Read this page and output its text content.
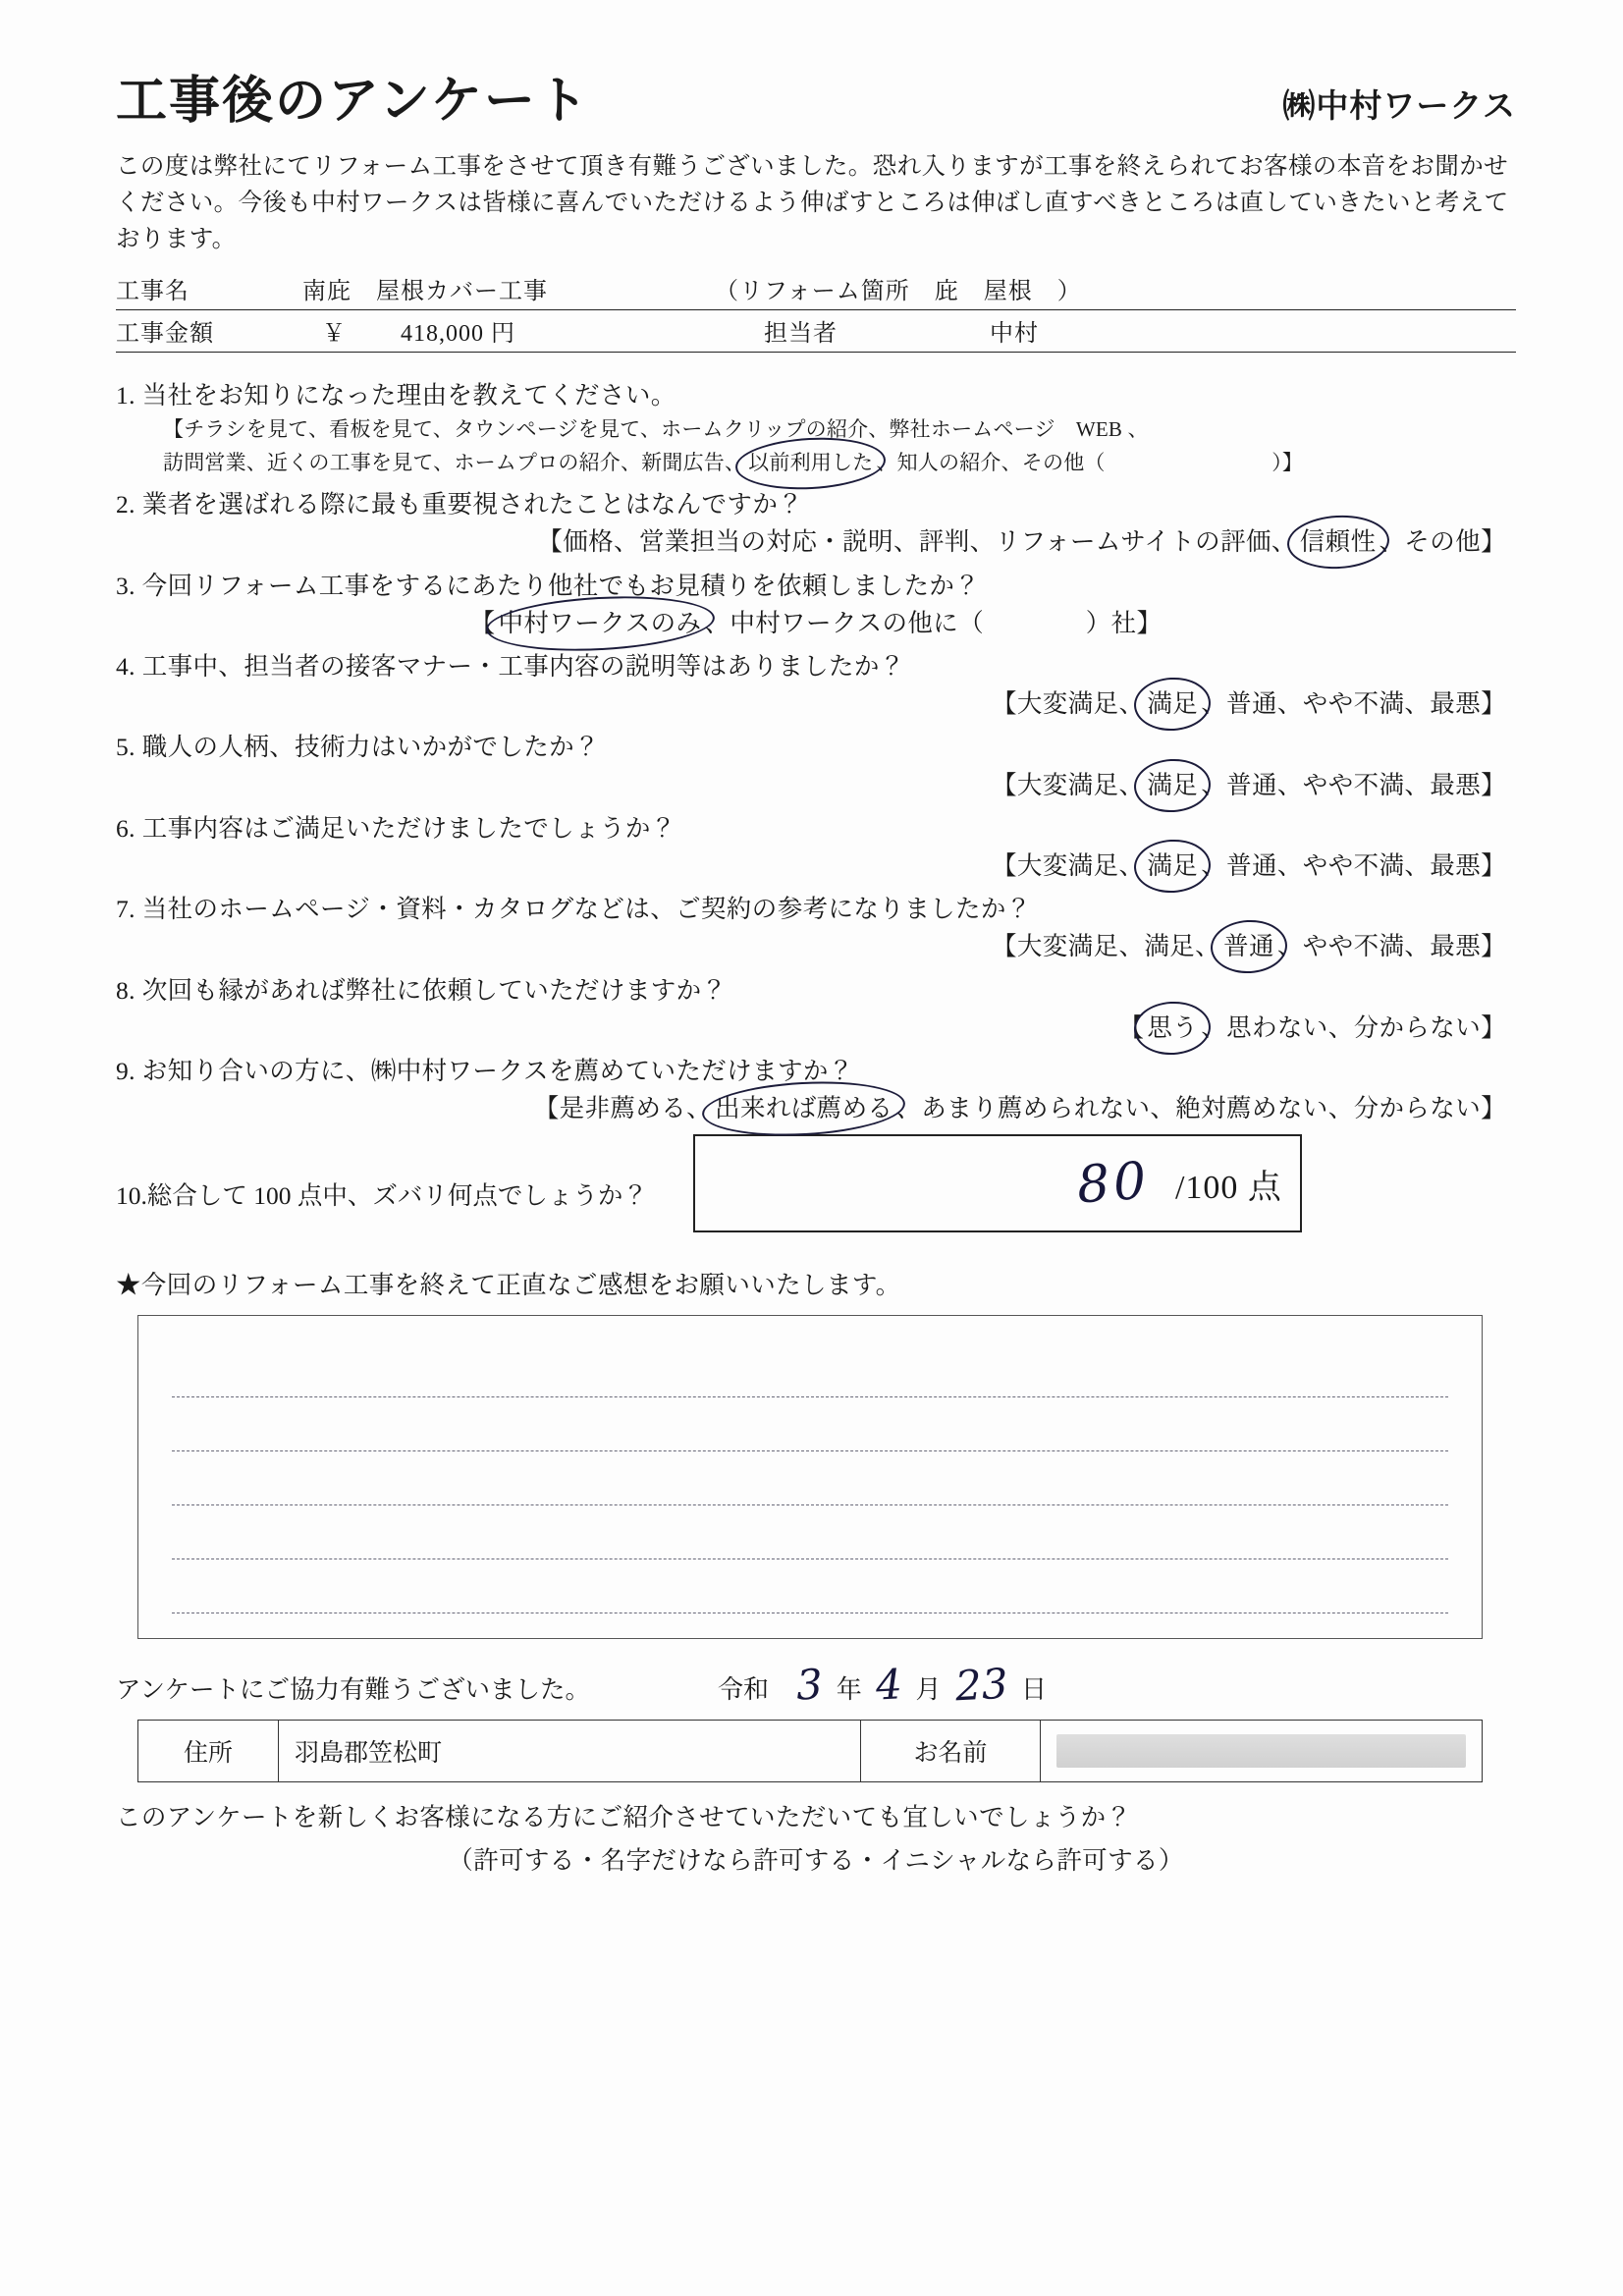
工事後のアンケート	㈱中村ワークス
この度は弊社にてリフォーム工事をさせて頂き有難うございました。恐れ入りますが工事を終えられてお客様の本音をお聞かせください。今後も中村ワークスは皆様に喜んでいただけるよう伸ばすところは伸ばし直すべきところは直していきたいと考えております。
工事名	南庇　屋根カバー工事	（リフォーム箇所　庇　屋根　）
工事金額	￥	418,000 円	担当者	中村
1. 当社をお知りになった理由を教えてください。
【チラシを見て、看板を見て、タウンページを見て、ホームクリップの紹介、弊社ホームページ　WEB 、
訪問営業、近くの工事を見て、ホームプロの紹介、新聞広告、 以前利用した 、知人の紹介、その他（　　　　　　　　）】
2. 業者を選ばれる際に最も重要視されたことはなんですか？
【価格、営業担当の対応・説明、評判、リフォームサイトの評価、 信頼性 、その他】
3. 今回リフォーム工事をするにあたり他社でもお見積りを依頼しましたか？
【 中村ワークスのみ 、中村ワークスの他に（　　　　）社】
4. 工事中、担当者の接客マナー・工事内容の説明等はありましたか？
【大変満足、 満足 、普通、やや不満、最悪】
5. 職人の人柄、技術力はいかがでしたか？
【大変満足、 満足 、普通、やや不満、最悪】
6. 工事内容はご満足いただけましたでしょうか？
【大変満足、 満足 、普通、やや不満、最悪】
7. 当社のホームページ・資料・カタログなどは、ご契約の参考になりましたか？
【大変満足、満足、 普通 、やや不満、最悪】
8. 次回も縁があれば弊社に依頼していただけますか？
【 思う 、思わない、分からない】
9. お知り合いの方に、㈱中村ワークスを薦めていただけますか？
【是非薦める、 出来れば薦める 、あまり薦められない、絶対薦めない、分からない】
10.総合して 100 点中、ズバリ何点でしょうか？	80 /100 点
★今回のリフォーム工事を終えて正直なご感想をお願いいたします。
アンケートにご協力有難うございました。	令和 3 年 4 月 23 日
住所	羽島郡笠松町	お名前	
このアンケートを新しくお客様になる方にご紹介させていただいても宜しいでしょうか？
（許可する・名字だけなら許可する・イニシャルなら許可する）
